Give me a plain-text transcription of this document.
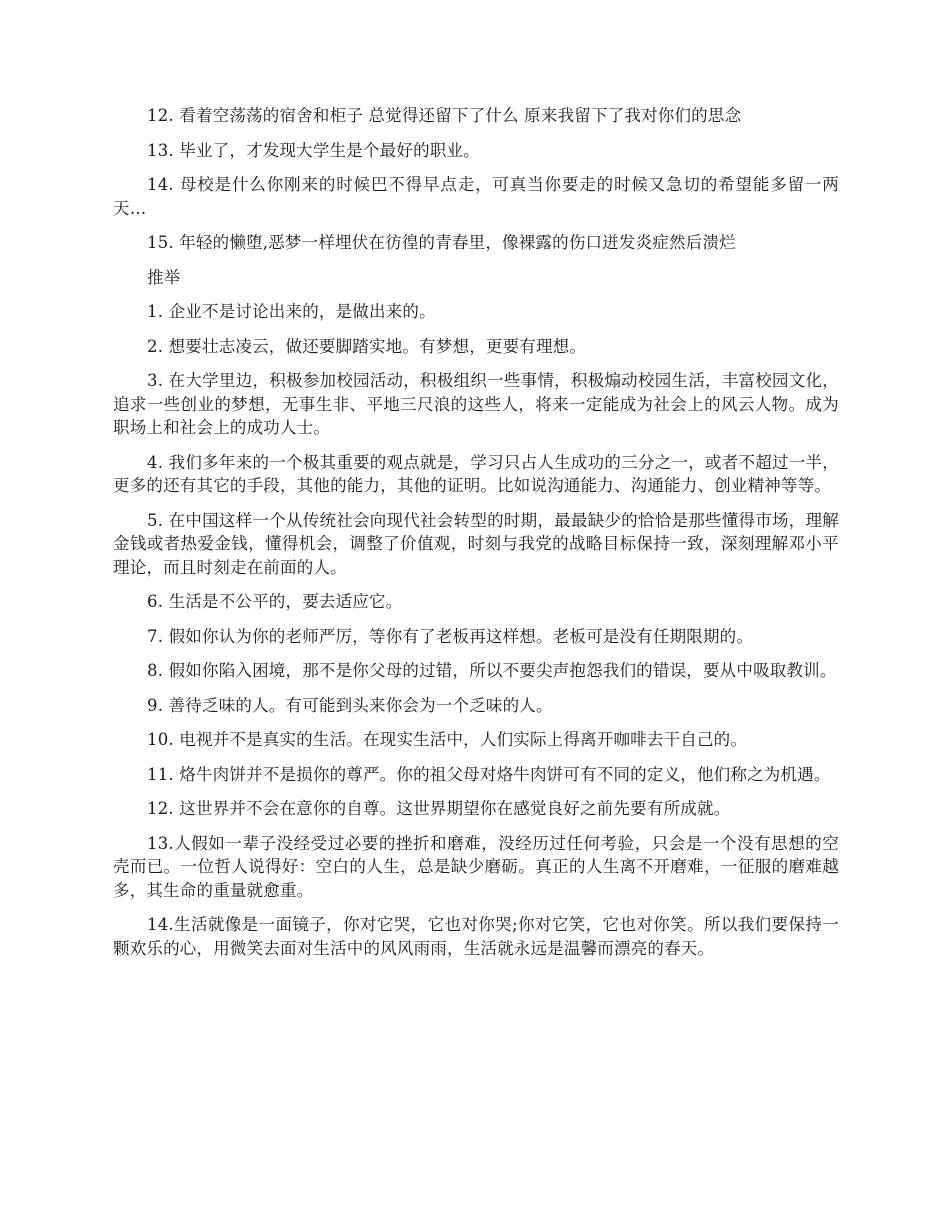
12. 看着空荡荡的宿舍和柜子 总觉得还留下了什么 原来我留下了我对你们的思念

13. 毕业了，才发现大学生是个最好的职业。

14. 母校是什么你刚来的时候巴不得早点走，可真当你要走的时候又急切的希望能多留一两天…

15. 年轻的懒堕,恶梦一样埋伏在彷徨的青春里，像裸露的伤口迸发炎症然后溃烂

推举

1. 企业不是讨论出来的，是做出来的。

2. 想要壮志凌云，做还要脚踏实地。有梦想，更要有理想。

3. 在大学里边，积极参加校园活动，积极组织一些事情，积极煽动校园生活，丰富校园文化，追求一些创业的梦想，无事生非、平地三尺浪的这些人，将来一定能成为社会上的风云人物。成为职场上和社会上的成功人士。

4. 我们多年来的一个极其重要的观点就是，学习只占人生成功的三分之一，或者不超过一半，更多的还有其它的手段，其他的能力，其他的证明。比如说沟通能力、沟通能力、创业精神等等。

5. 在中国这样一个从传统社会向现代社会转型的时期，最最缺少的恰恰是那些懂得市场，理解金钱或者热爱金钱，懂得机会，调整了价值观，时刻与我党的战略目标保持一致，深刻理解邓小平理论，而且时刻走在前面的人。

6. 生活是不公平的，要去适应它。

7. 假如你认为你的老师严厉，等你有了老板再这样想。老板可是没有任期限期的。

8. 假如你陷入困境，那不是你父母的过错，所以不要尖声抱怨我们的错误，要从中吸取教训。

9. 善待乏味的人。有可能到头来你会为一个乏味的人。

10. 电视并不是真实的生活。在现实生活中，人们实际上得离开咖啡去干自己的。

11. 烙牛肉饼并不是损你的尊严。你的祖父母对烙牛肉饼可有不同的定义，他们称之为机遇。

12. 这世界并不会在意你的自尊。这世界期望你在感觉良好之前先要有所成就。

13.人假如一辈子没经受过必要的挫折和磨难，没经历过任何考验，只会是一个没有思想的空壳而已。一位哲人说得好：空白的人生，总是缺少磨砺。真正的人生离不开磨难，一征服的磨难越多，其生命的重量就愈重。

14.生活就像是一面镜子，你对它哭，它也对你哭;你对它笑，它也对你笑。所以我们要保持一颗欢乐的心，用微笑去面对生活中的风风雨雨，生活就永远是温馨而漂亮的春天。
